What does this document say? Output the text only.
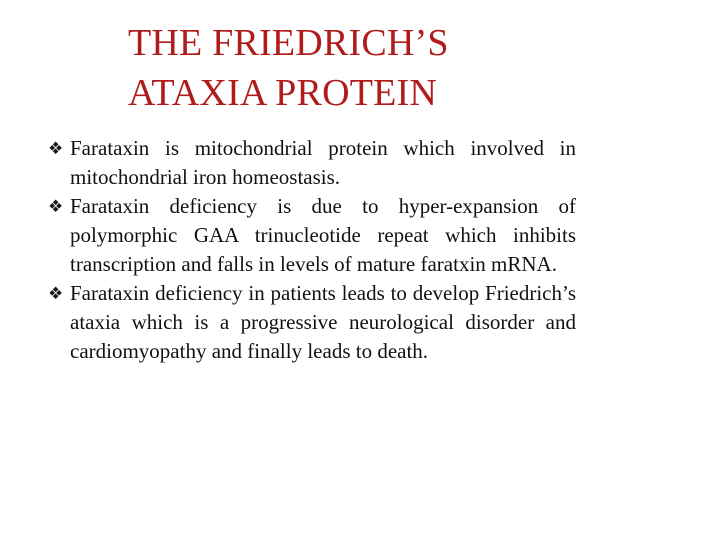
THE FRIEDRICH’S
ATAXIA PROTEIN
❖ Farataxin is mitochondrial protein which involved in mitochondrial iron homeostasis.
❖ Farataxin deficiency is due to hyper-expansion of polymorphic GAA trinucleotide repeat which inhibits transcription and falls in levels of mature faratxin mRNA.
❖ Farataxin deficiency in patients leads to develop Friedrich’s ataxia which is a progressive neurological disorder and cardiomyopathy and finally leads to death.
